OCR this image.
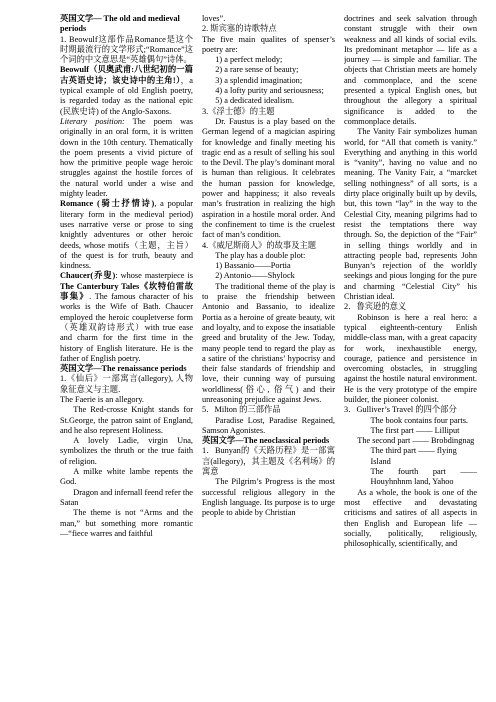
英国文学— The old and medieval periods

1. Beowulf这部作品Romance是这个时期最流行的文学形式;“Romance”这个词的中文意思是“英雄偶句”诗体。

Beowulf（贝奥武甫:八世纪初的一篇古英语史诗；该史诗中的主角!），a typical example of old English poetry, is regarded today as the national epic (民族史诗) of the Anglo-Saxons.

Literary position: The poem was originally in an oral form, it is written down in the 10th century. Thematically the poem presents a vivid picture of how the primitive people wage heroic struggles against the hostile forces of the natural world under a wise and mighty leader.

Romance (骑士抒情诗), a popular literary form in the medieval period) uses narrative verse or prose to sing knightly adventures or other heroic deeds, whose motifs（主题，主旨） of the quest is for truth, beauty and kindness.

Chaucer(乔叟): whose masterpiece is The Canterbury Tales《坎特伯雷故事集》. The famous character of his works is the Wife of Bath. Chaucer employed the heroic coupletverse form（英雄双韵诗形式）with true ease and charm for the first time in the history of English literature. He is the father of English poetry.

英国文学—The renaissance periods

1.《仙后》一部寓言(allegory), 人物象征意义与主题.

The Faerie is an allegory.

The Red-crosse Knight stands for St.George, the patron saint of England, and he also represent Holiness.

A lovely Ladie, virgin Una, symbolizes the thruth or the true faith of religion.

A milke white lambe repents the God.

Dragon and infernall feend refer the Satan

The theme is not “Arms and the man,” but something more romantic—“fiece warres and faithful

loves”.

2. 斯宾塞的诗歌特点

The five main qualites of spenser’s poetry are:

1) a perfect melody;

2) a rare sense of beauty;

3) a splendid imagination;

4) a lofty purity and seriousness;

5) a dedicated idealism.

3.《浮士德》的主题

Dr. Faustus is a play based on the German legend of a magician aspiring for knowledge and finally meeting his tragic end as a result of selling his soul to the Devil. The play’s dominant moral is human than religious. It celebrates the human passion for knowledge, power and happiness; it also reveals man’s frustration in realizing the high aspiration in a hostile moral order. And the confinement to time is the cruelest fact of man’s condition.

4.《威尼斯商人》的故事及主题

The play has a double plot:

1) Bassanio——Portia

2) Antonio——Shylock

The traditional theme of the play is to praise the friendship between Antonio and Bassanio, to idealize Portia as a heroine of greate beauty, wit and loyalty, and to expose the insatiable greed and brutality of the Jew. Today, many people tend to regard the play as a satire of the christians’ hypocrisy and their false standards of friendship and love, their cunning way of pursuing worldliness(俗心, 俗气) and their unreasoning prejudice against Jews.

5．Milton 的三部作品

Paradise Lost, Paradise Regained, Samson Agonistes.

英国文学—The neoclassical periods

1．Bunyan的《天路历程》是一部寓言(allegory)，其主题及《名利场》的寓意

The Pilgrim’s Progress is the most successful religious allegory in the English language. Its purpose is to urge people to abide by Christian

doctrines and seek salvation through constant struggle with their own weakness and all kinds of social evils. Its predominant metaphor — life as a journey — is simple and familiar. The objects that Christian meets are homely and commonplace, and the scene presented a typical English ones, but throughout the allegory a spiritual significance is added to the commonplace details.

The Vanity Fair symbolizes human world, for “All that cometh is vanity.” Everything and anything in this world is “vanity”, having no value and no meaning. The Vanity Fair, a “marcket selling nothingness” of all sorts, is a dirty place originally built up by devils, but, this town “lay” in the way to the Celestial City, meaning pilgrims had to resist the temptations there way through. So, the depiction of the “Fair” in selling things worldly and in attracting people bad, represents John Bunyan’s rejection of the worldly seekings and pious longing for the pure and charming “Celestial City” his Christian ideal.

2．鲁宾逊的意义

Robinson is here a real hero: a typical eighteenth-century Enlish middle-class man, with a great capacity for work, inexhaustible energy, courage, patience and persistence in overcoming obstacles, in struggling against the hostile natural environment. He is the very prototype of the empire builder, the pioneer colonist.

3．Gulliver’s Travel 的四个部分

The book contains four parts.

The first part —— Lilliput

The second part —— Brobdingnag

The third part —— flying Island

The fourth part —— Houyhnhnm land, Yahoo

As a whole, the book is one of the most effective and devastating criticisms and satires of all aspects in then English and European life — socially, politically, religiously, philosophically, scientifically, and
